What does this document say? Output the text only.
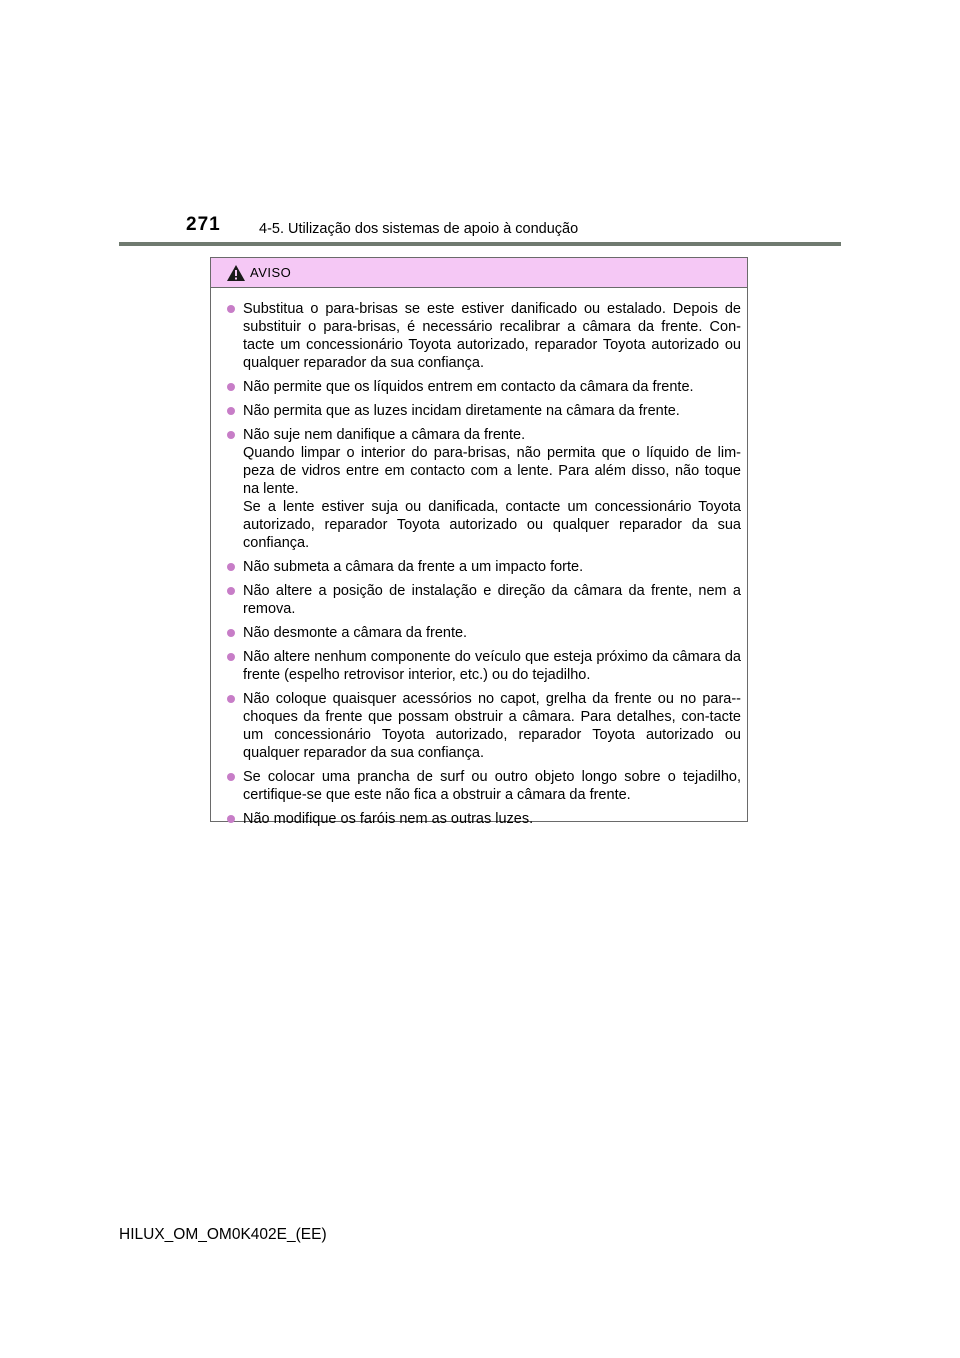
271	4-5. Utilização dos sistemas de apoio à condução
AVISO
Substitua o para-brisas se este estiver danificado ou estalado. Depois de substituir o para-brisas, é necessário recalibrar a câmara da frente. Con-tacte um concessionário Toyota autorizado, reparador Toyota autorizado ou qualquer reparador da sua confiança.
Não permite que os líquidos entrem em contacto da câmara da frente.
Não permita que as luzes incidam diretamente na câmara da frente.
Não suje nem danifique a câmara da frente.
Quando limpar o interior do para-brisas, não permita que o líquido de lim-peza de vidros entre em contacto com a lente. Para além disso, não toque na lente.
Se a lente estiver suja ou danificada, contacte um concessionário Toyota autorizado, reparador Toyota autorizado ou qualquer reparador da sua confiança.
Não submeta a câmara da frente a um impacto forte.
Não altere a posição de instalação e direção da câmara da frente, nem a remova.
Não desmonte a câmara da frente.
Não altere nenhum componente do veículo que esteja próximo da câmara da frente (espelho retrovisor interior, etc.) ou do tejadilho.
Não coloque quaisquer acessórios no capot, grelha da frente ou no para--choques da frente que possam obstruir a câmara. Para detalhes, con-tacte um concessionário Toyota autorizado, reparador Toyota autorizado ou qualquer reparador da sua confiança.
Se colocar uma prancha de surf ou outro objeto longo sobre o tejadilho, certifique-se que este não fica a obstruir a câmara da frente.
Não modifique os faróis nem as outras luzes.
HILUX_OM_OM0K402E_(EE)
